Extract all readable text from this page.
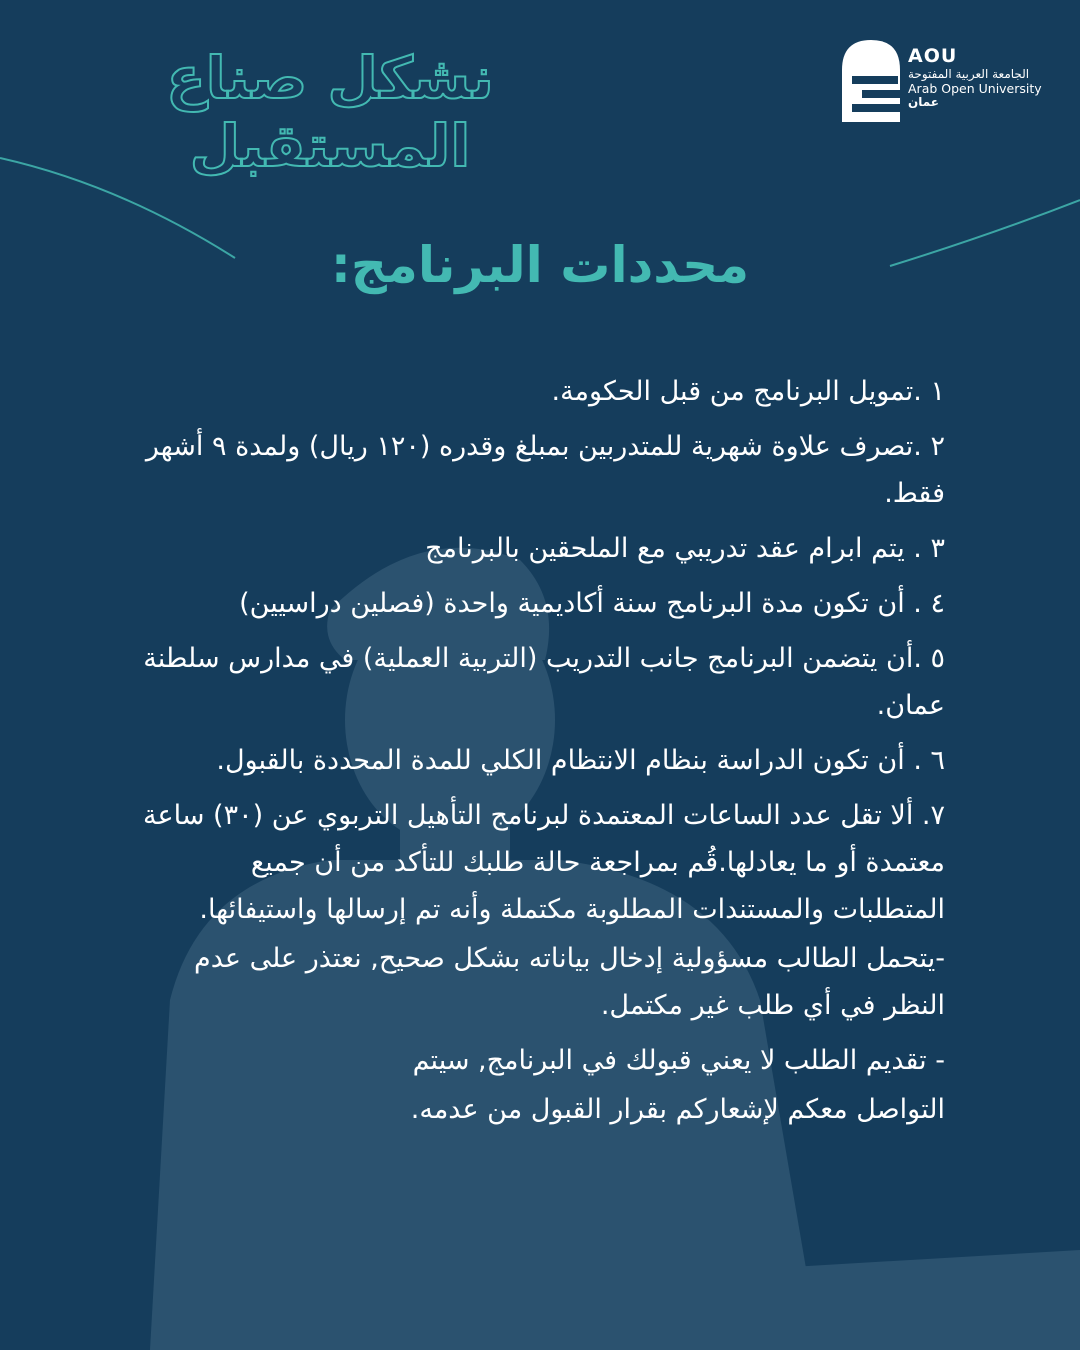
نشكل صناع المستقبل
AOU
الجامعة العربية المفتوحة
Arab Open University
عمان
محددات البرنامج:

١ .تمويل البرنامج من قبل الحكومة.

٢ .تصرف علاوة شهرية للمتدربين بمبلغ وقدره (١٢٠ ريال) ولمدة ٩ أشهر فقط.

٣ . يتم ابرام عقد تدريبي مع الملحقين بالبرنامج

٤ . أن تكون مدة البرنامج سنة أكاديمية واحدة (فصلين دراسيين)

٥ .أن يتضمن البرنامج جانب التدريب (التربية العملية) في مدارس سلطنة عمان.

٦ . أن تكون الدراسة بنظام الانتظام الكلي للمدة المحددة بالقبول.

٧. ألا تقل عدد الساعات المعتمدة لبرنامج التأهيل التربوي عن (٣٠) ساعة معتمدة أو ما يعادلها.قُم بمراجعة حالة طلبك للتأكد من أن جميع المتطلبات والمستندات المطلوبة مكتملة وأنه تم إرسالها واستيفائها.

-يتحمل الطالب مسؤولية إدخال بياناته بشكل صحيح, نعتذر على عدم النظر في أي طلب غير مكتمل.

- تقديم الطلب لا يعني قبولك في البرنامج, سيتم

التواصل معكم لإشعاركم بقرار القبول من عدمه.
